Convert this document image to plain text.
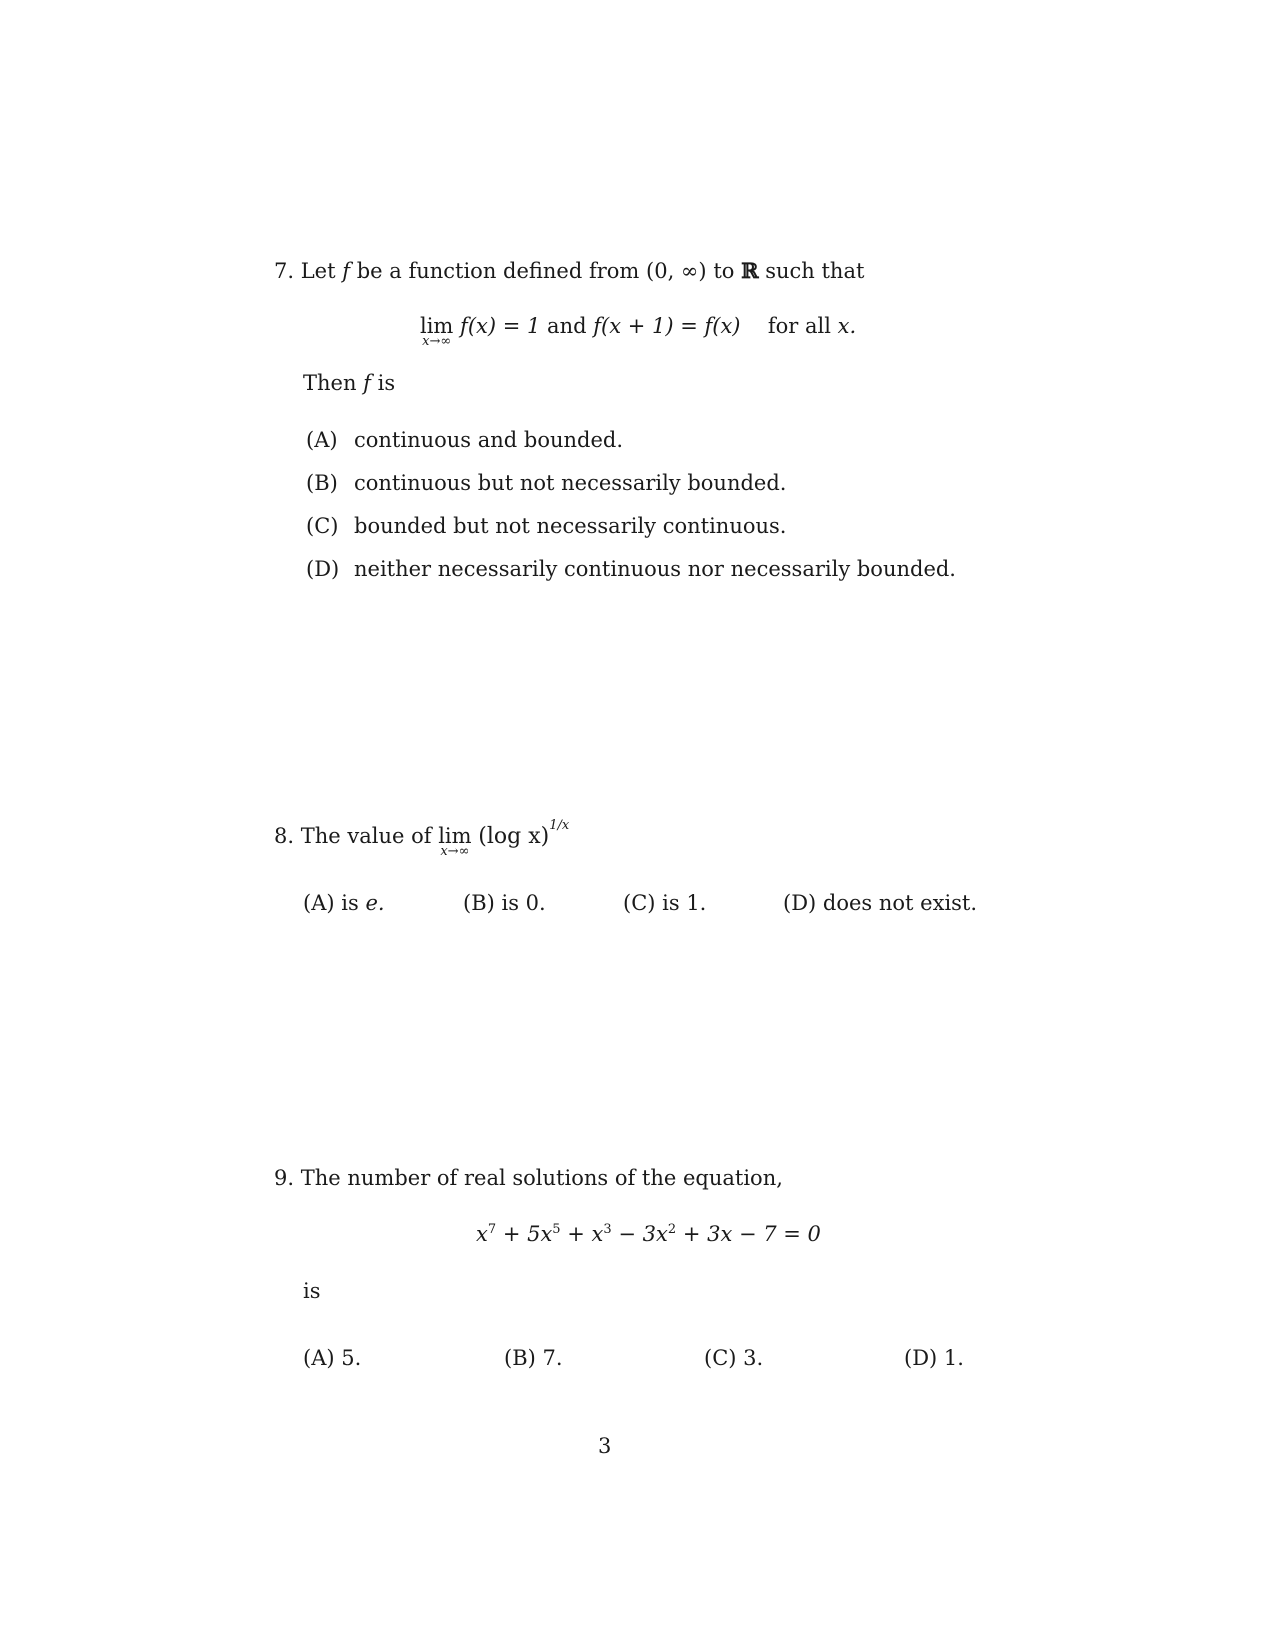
7. Let f be a function defined from (0, ∞) to ℝ such that
lim
x→∞
f(x) = 1 and f(x + 1) = f(x) for all x.
Then f is
(A) continuous and bounded.
(B) continuous but not necessarily bounded.
(C) bounded but not necessarily continuous.
(D) neither necessarily continuous nor necessarily bounded.
8. The value of lim
x→∞
(log x)$^{1/x}$
(A) is e.	(B) is 0.	(C) is 1.	(D) does not exist.
9. The number of real solutions of the equation,
$x^7 + 5x^5 + x^3 - 3x^2 + 3x - 7 = 0$
is
(A) 5.	(B) 7.	(C) 3.	(D) 1.
3
